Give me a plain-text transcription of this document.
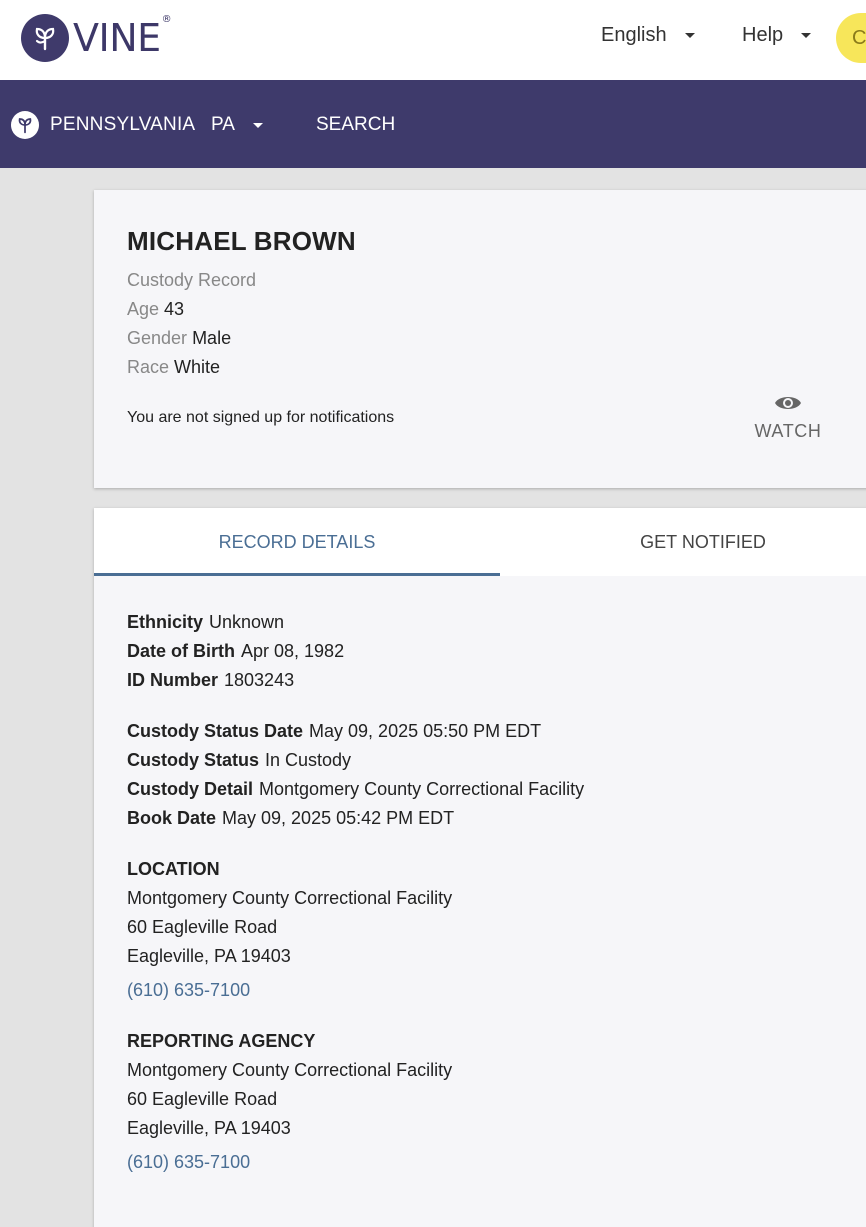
VINE®
English	Help	C
PENNSYLVANIA PA	SEARCH
MICHAEL BROWN
Custody Record
Age 43
Gender Male
Race White
You are not signed up for notifications
WATCH
RECORD DETAILS	GET NOTIFIED
Ethnicity Unknown
Date of Birth Apr 08, 1982
ID Number 1803243
Custody Status Date May 09, 2025 05:50 PM EDT
Custody Status In Custody
Custody Detail Montgomery County Correctional Facility
Book Date May 09, 2025 05:42 PM EDT
LOCATION
Montgomery County Correctional Facility
60 Eagleville Road
Eagleville, PA 19403
(610) 635-7100
REPORTING AGENCY
Montgomery County Correctional Facility
60 Eagleville Road
Eagleville, PA 19403
(610) 635-7100
